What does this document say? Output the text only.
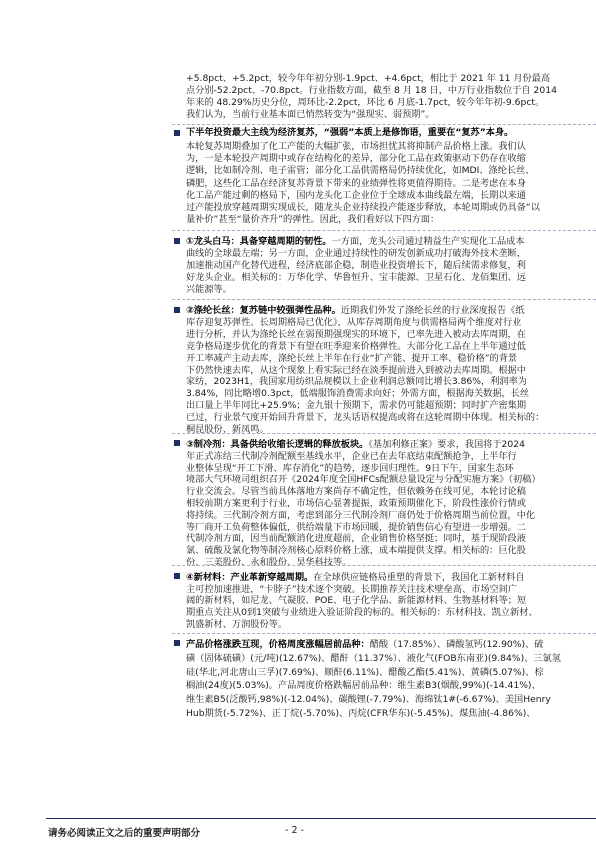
+5.8pct、+5.2pct，较今年年初分别-1.9pct、+4.6pct，相比于 2021 年 11 月份最高
点分别-52.2pct、-70.8pct。行业指数方面，截至 8 月 18 日，中万行业指数位于自 2014
年来的 48.29%历史分位，周环比-2.2pct，环比 6 月底-1.7pct，较今年年初-9.6pct。
我们认为，当前行业基本面已悄然转变为“强现实、弱预期”。
下半年投资最大主线为经济复苏，“强弱”本质上是修饰语，重要在“复苏”本身。
本轮复苏周期叠加了化工产能的大幅扩张，市场担忧其将抑制产品价格上涨。我们认
为，一是本轮投产周期中或存在结构化的差异，部分化工品在政策驱动下仍存在收缩
逻辑，比如制冷剂、电子雷管；部分化工品供需格局仍持续优化，如MDI、涤纶长丝、
磷肥，这些化工品在经济复苏背景下带来的业绩弹性将更值得期待。二是考虑在本身
化工品产能过剩的格局下，国内龙头化工企业位于全球成本曲线最左端，长期以来通
过产能投放穿越周期实现成长，随龙头企业持续投产能逐步释放，本轮周期或仍具备“以
量补价”甚至“量价齐升”的弹性。因此，我们看好以下四方面：
①龙头白马：具备穿越周期的韧性。一方面，龙头公司通过精益生产实现化工品成本
曲线的全球最左端；另一方面，企业通过持续性的研发创新成功打破海外技术垄断，
加速推动国产化替代进程，经济底部企稳，制造业投资增长下，随后续需求修复，利
好龙头企业。相关标的：万华化学、华鲁恒升、宝丰能源、卫星石化、龙佰集团、远
兴能源等。
②涤纶长丝：复苏链中较强弹性品种。近期我们外发了涤纶长丝的行业深度报告《纸
库存迎复苏弹性、长周期格局已优化》，从库存周期角度与供需格局两个维度对行业
进行分析，并认为涤纶长丝在弱预期强现实的环境下，已率先进入被动去库周期，在
竞争格局逐步优化的背景下有望在旺季迎来价格弹性。大部分化工品在上半年通过低
开工率减产主动去库，涤纶长丝上半年在行业“扩产能、提开工率、稳价格”的背景
下仍然快速去库，从这个现象上看实际已经在淡季提前进入到被动去库周期。根据中
家纺，2023H1，我国家用纺织品规模以上企业利润总额同比增长3.86%，利润率为
3.84%，同比略增0.3pct，低端服饰消费需求向好；外需方面，根据海关数据，长丝
出口量上半年同比+25.9%；金九银十预期下，需求仍可能超预期；同时扩产密集期
已过，行业景气度开始回升背景下，龙头话语权提高或将在这轮周期中体现。相关标的：
桐昆股份、新凤鸣。
③制冷剂：具备供给收缩长逻辑的释放板块。《基加利修正案》要求，我国将于2024
年正式冻结三代制冷剂配额至基线水平，企业已在去年底结束配额抢争，上半年行
业整体呈现“开工下滑、库存消化”的趋势，逐步回归理性。9日下午，国家生态环
境部大气环境司组织召开《2024年度全国HFCs配额总量设定与分配实施方案》（初稿）
行业交流会。尽管当前具体落地方案尚存不确定性，但依赖务在线可见，本轮讨论稿
相较前期方案更利于行业，市场信心显著提振，政策预期催化下，阶段性涨价行情或
将持续。三代制冷剂方面，考虑到部分三代制冷剂厂商仍处于价格周期当前位置，中化
等厂商开工负荷整体偏低，供给端量下市场回暖，提价销售信心有望进一步增强。二
代制冷剂方面，因当前配额消化进度超前，企业销售价格坚挺；同时，基于现阶段液
氯、硫酸及氯化物等制冷剂核心原料价格上涨，成本端提供支撑。相关标的：巨化股
份、三美股份、永和股份、昊华科技等。
④新材料：产业革新穿越周期。在全球供应链格局重塑的背景下，我国化工新材料自
主可控加速推进，“卡脖子”技术逐个突破。长期推荐关注技术壁垒高、市场空间广
阔的新材料，如尼龙、气凝胶、POE、电子化学品、新能源材料、生物基材料等；短
期重点关注从0到1突破与业绩进入验证阶段的标的。相关标的：东材科技、凯立新材、
凯盛新材、万润股份等。
产品价格涨跌互现，价格周度涨幅居前品种：醋酸（17.85%）、磷酸氢钙(12.90%)、硫
磺（固体硫磺）(元/吨)(12.67%)、醋酐（11.37%）、液化气(FOB东南亚)(9.84%)、三氯氢
硅(华北,河北唐山三孚)(7.69%)、顺酐(6.11%)、醋酸乙酯(5.41%)、黄磷(5.07%)、棕
榈油(24度)(5.03%)。产品周度价格跌幅居前品种：维生素B3(烟酸,99%)(-14.41%)、
维生素B5(泛酸钙,98%)(-12.04%)、碳酸锂(-7.79%)、海绵钛1#(-6.67%)、美国Henry
Hub期货(-5.72%)、正丁烷(-5.70%)、丙烷(CFR华东)(-5.45%)、煤焦油(-4.86%)、
请务必阅读正文之后的重要声明部分	- 2 -
